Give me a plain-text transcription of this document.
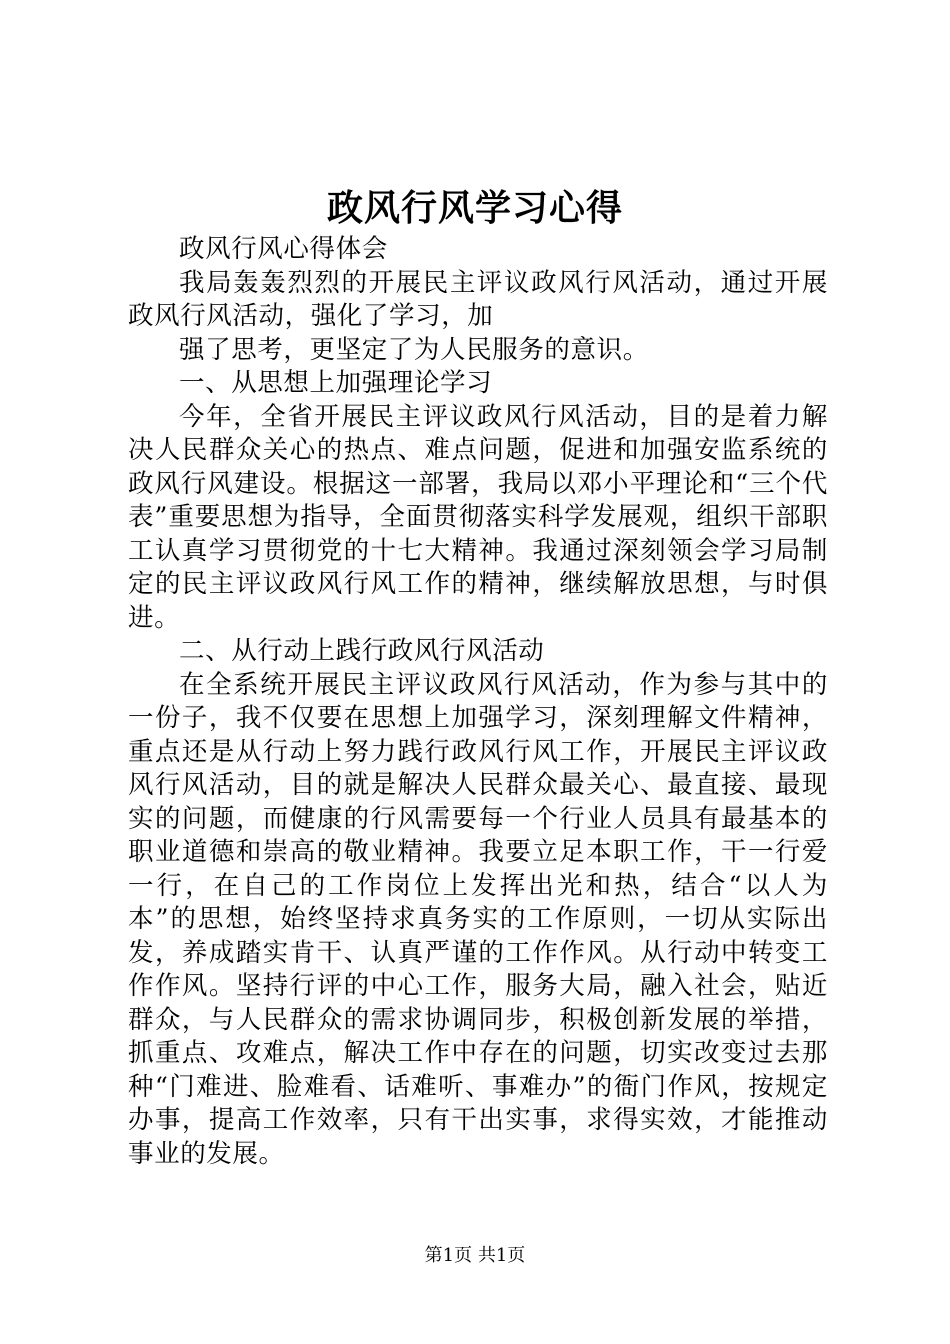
政风行风学习心得

政风行风心得体会

我局轰轰烈烈的开展民主评议政风行风活动，通过开展政风行风活动，强化了学习，加

强了思考，更坚定了为人民服务的意识。

一、从思想上加强理论学习

今年，全省开展民主评议政风行风活动，目的是着力解决人民群众关心的热点、难点问题，促进和加强安监系统的政风行风建设。根据这一部署，我局以邓小平理论和“三个代表”重要思想为指导，全面贯彻落实科学发展观，组织干部职工认真学习贯彻党的十七大精神。我通过深刻领会学习局制定的民主评议政风行风工作的精神，继续解放思想，与时俱进。

二、从行动上践行政风行风活动

在全系统开展民主评议政风行风活动，作为参与其中的一份子，我不仅要在思想上加强学习，深刻理解文件精神，重点还是从行动上努力践行政风行风工作，开展民主评议政风行风活动，目的就是解决人民群众最关心、最直接、最现实的问题，而健康的行风需要每一个行业人员具有最基本的职业道德和崇高的敬业精神。我要立足本职工作，干一行爱一行，在自己的工作岗位上发挥出光和热，结合“以人为本”的思想，始终坚持求真务实的工作原则，一切从实际出发，养成踏实肯干、认真严谨的工作作风。从行动中转变工作作风。坚持行评的中心工作，服务大局，融入社会，贴近群众，与人民群众的需求协调同步，积极创新发展的举措，抓重点、攻难点，解决工作中存在的问题，切实改变过去那种“门难进、脸难看、话难听、事难办”的衙门作风，按规定办事，提高工作效率，只有干出实事，求得实效，才能推动事业的发展。

第1页 共1页
